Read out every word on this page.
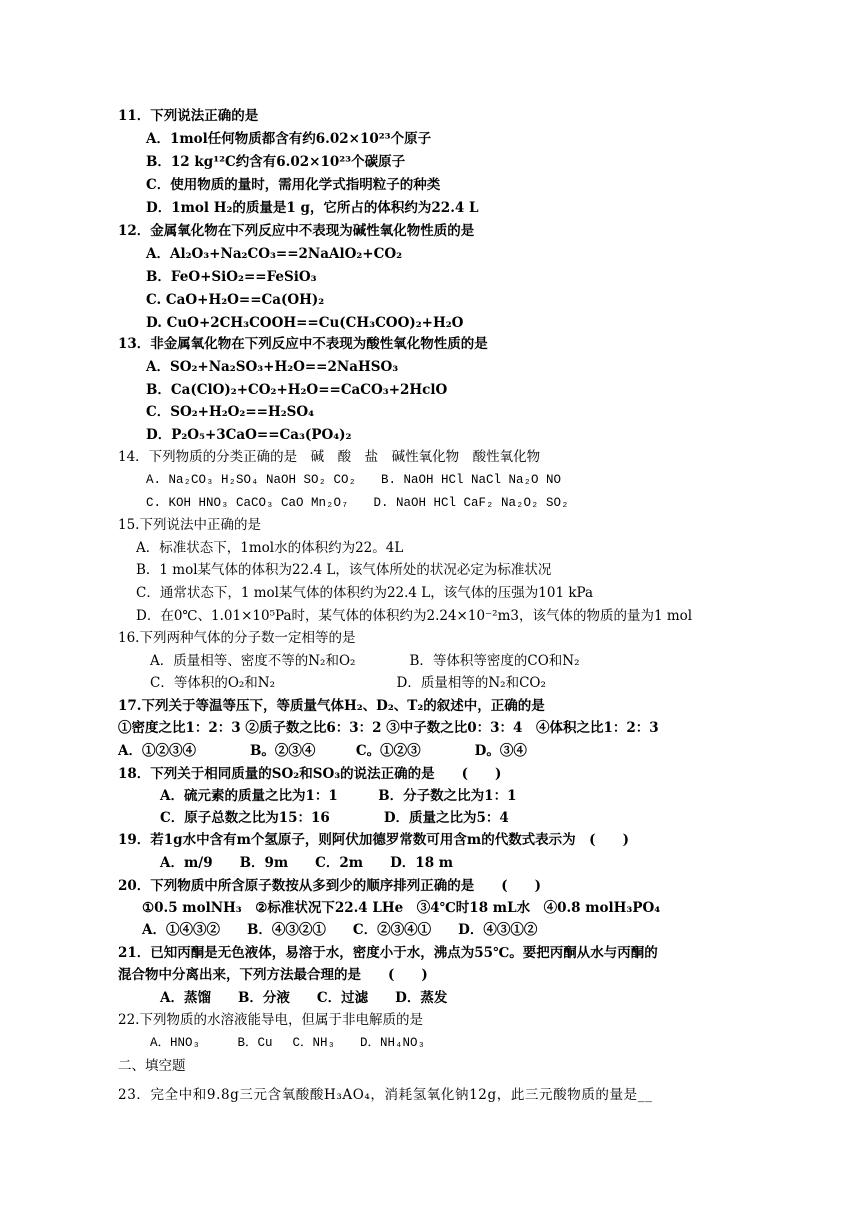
11．下列说法正确的是
A．1mol任何物质都含有约6.02×10²³个原子
B．12 kg¹²C约含有6.02×10²³个碳原子
C．使用物质的量时，需用化学式指明粒子的种类
D．1mol H₂的质量是1 g，它所占的体积约为22.4 L
12．金属氧化物在下列反应中不表现为碱性氧化物性质的是
A．Al₂O₃+Na₂CO₃==2NaAlO₂+CO₂
B．FeO+SiO₂==FeSiO₃
C. CaO+H₂O==Ca(OH)₂
D. CuO+2CH₃COOH==Cu(CH₃COO)₂+H₂O
13．非金属氧化物在下列反应中不表现为酸性氧化物性质的是
A．SO₂+Na₂SO₃+H₂O==2NaHSO₃
B．Ca(ClO)₂+CO₂+H₂O==CaCO₃+2HclO
C．SO₂+H₂O₂==H₂SO₄
D．P₂O₅+3CaO==Ca₃(PO₄)₂
14．下列物质的分类正确的是　碱　酸　盐　碱性氧化物　酸性氧化物
A. Na₂CO₃ H₂SO₄ NaOH SO₂ CO₂　　B. NaOH HCl NaCl Na₂O NO
C. KOH HNO₃ CaCO₃ CaO Mn₂O₇　　D. NaOH HCl CaF₂ Na₂O₂ SO₂
15.下列说法中正确的是
A．标准状态下，1mol水的体积约为22。4L
B．1 mol某气体的体积为22.4 L，该气体所处的状况必定为标准状况
C．通常状态下，1 mol某气体的体积约为22.4 L，该气体的压强为101 kPa
D．在0℃、1.01×10⁵Pa时，某气体的体积约为2.24×10⁻²m3，该气体的物质的量为1 mol
16.下列两种气体的分子数一定相等的是
A．质量相等、密度不等的N₂和O₂　　　　B．等体积等密度的CO和N₂
C．等体积的O₂和N₂　　　　　　　　　D．质量相等的N₂和CO₂
17.下列关于等温等压下，等质量气体H₂、D₂、T₂的叙述中，正确的是
①密度之比1：2：3 ②质子数之比6：3：2 ③中子数之比0：3：4　④体积之比1：2：3
A．①②③④　　　　B。②③④　　　C。①②③　　　　D。③④
18．下列关于相同质量的SO₂和SO₃的说法正确的是　　(　　)
A．硫元素的质量之比为1：1　　　B．分子数之比为1：1
C．原子总数之比为15：16　　　　D．质量之比为5：4
19．若1g水中含有m个氢原子，则阿伏加德罗常数可用含m的代数式表示为　(　　)
A．m/9　　B．9m　　C．2m　　D．18 m
20．下列物质中所含原子数按从多到少的顺序排列正确的是　　(　　)
①0.5 molNH₃　②标准状况下22.4 LHe　③4℃时18 mL水　④0.8 molH₃PO₄
A．①④③②　　B．④③②①　　C．②③④①　　D．④③①②
21．已知丙酮是无色液体，易溶于水，密度小于水，沸点为55℃。要把丙酮从水与丙酮的
混合物中分离出来，下列方法最合理的是　　(　　)
A．蒸馏　　B．分液　　C．过滤　　D．蒸发
22.下列物质的水溶液能导电，但属于非电解质的是
A．HNO₃　　　B．Cu　 C．NH₃　　D．NH₄NO₃
二、填空题
23．完全中和9.8g三元含氧酸酸H₃AO₄，消耗氢氧化钠12g，此三元酸物质的量是__
